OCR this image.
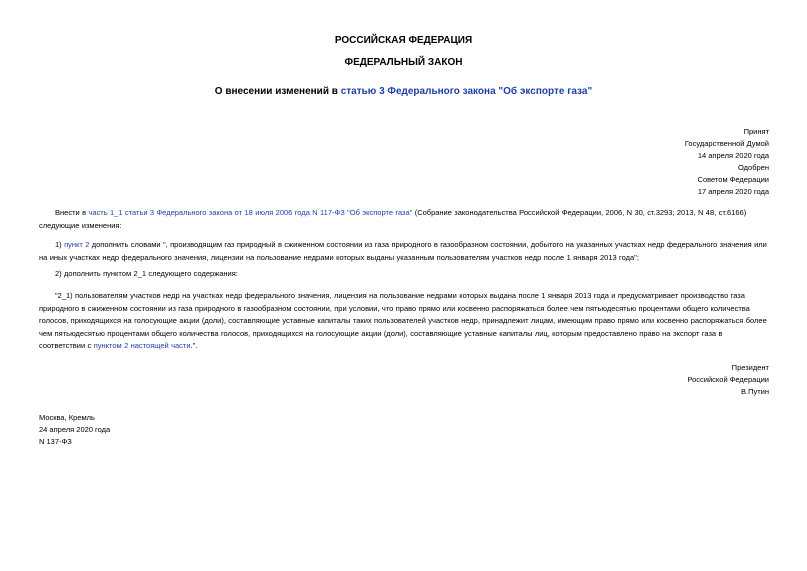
РОССИЙСКАЯ ФЕДЕРАЦИЯ
ФЕДЕРАЛЬНЫЙ ЗАКОН
О внесении изменений в статью 3 Федерального закона "Об экспорте газа"
Принят
Государственной Думой
14 апреля 2020 года
Одобрен
Советом Федерации
17 апреля 2020 года
Внести в часть 1_1 статьи 3 Федерального закона от 18 июля 2006 года N 117-ФЗ "Об экспорте газа" (Собрание законодательства Российской Федерации, 2006, N 30, ст.3293; 2013, N 48, ст.6166) следующие изменения:
1) пункт 2 дополнить словами ", производящим газ природный в сжиженном состоянии из газа природного в газообразном состоянии, добытого на указанных участках недр федерального значения или на иных участках недр федерального значения, лицензии на пользование недрами которых выданы указанным пользователям участков недр после 1 января 2013 года";
2) дополнить пунктом 2_1 следующего содержания:
"2_1) пользователям участков недр на участках недр федерального значения, лицензия на пользование недрами которых выдана после 1 января 2013 года и предусматривает производство газа природного в сжиженном состоянии из газа природного в газообразном состоянии, при условии, что право прямо или косвенно распоряжаться более чем пятьюдесятью процентами общего количества голосов, приходящихся на голосующие акции (доли), составляющие уставные капиталы таких пользователей участков недр, принадлежит лицам, имеющим право прямо или косвенно распоряжаться более чем пятьюдесятью процентами общего количества голосов, приходящихся на голосующие акции (доли), составляющие уставные капиталы лиц, которым предоставлено право на экспорт газа в соответствии с пунктом 2 настоящей части.".
Президент
Российской Федерации
В.Путин
Москва, Кремль
24 апреля 2020 года
N 137-ФЗ
